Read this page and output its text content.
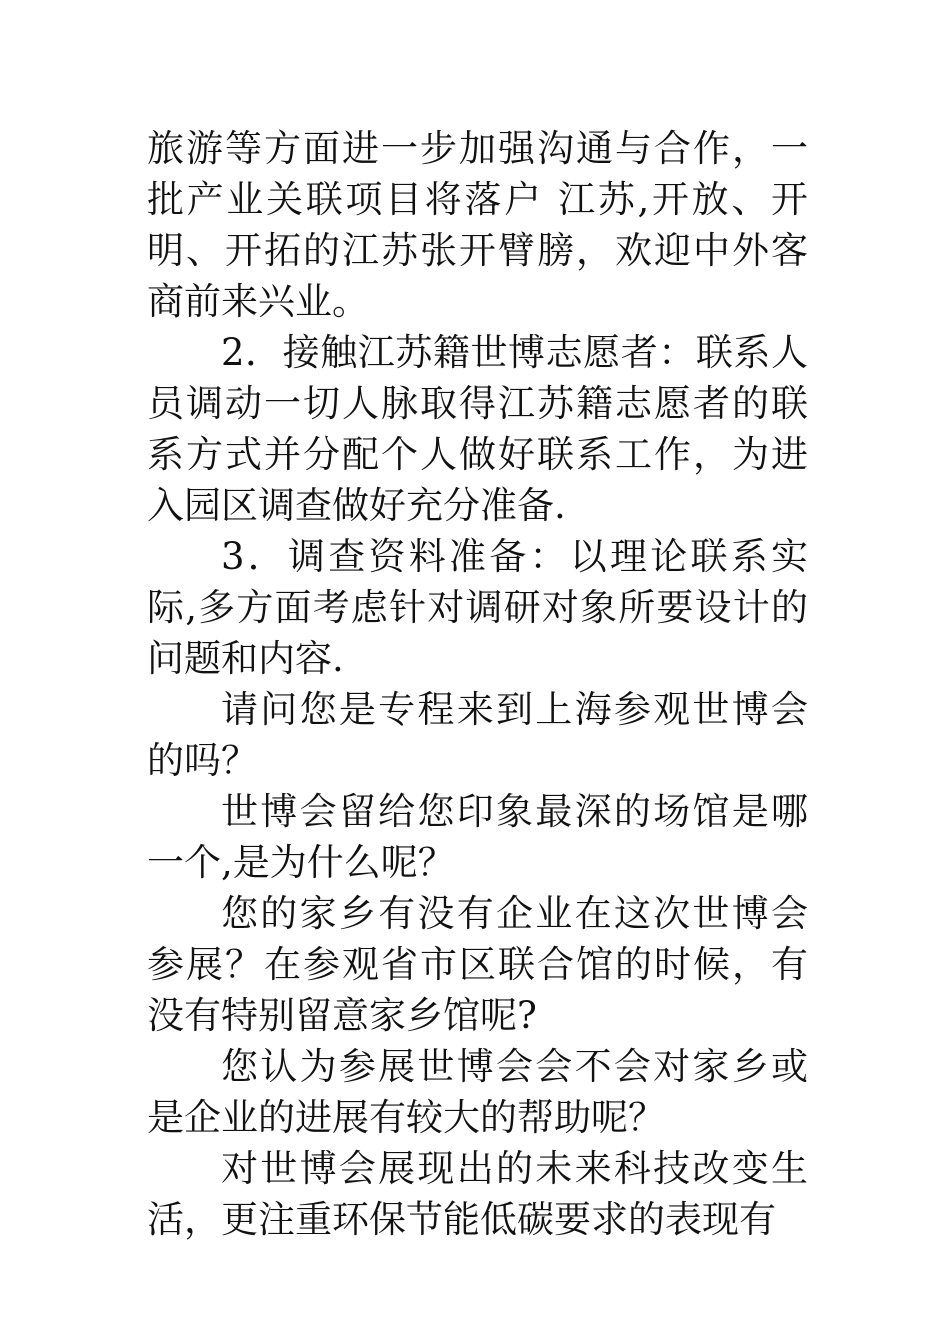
旅游等方面进一步加强沟通与合作，一批产业关联项目将落户 江苏,开放、开明、开拓的江苏张开臂膀，欢迎中外客商前来兴业。

2．接触江苏籍世博志愿者：联系人员调动一切人脉取得江苏籍志愿者的联系方式并分配个人做好联系工作，为进入园区调查做好充分准备.

3．调查资料准备：以理论联系实际,多方面考虑针对调研对象所要设计的问题和内容.

请问您是专程来到上海参观世博会的吗？

世博会留给您印象最深的场馆是哪一个,是为什么呢？

您的家乡有没有企业在这次世博会参展？在参观省市区联合馆的时候，有没有特别留意家乡馆呢?

您认为参展世博会会不会对家乡或是企业的进展有较大的帮助呢？

对世博会展现出的未来科技改变生活，更注重环保节能低碳要求的表现有
